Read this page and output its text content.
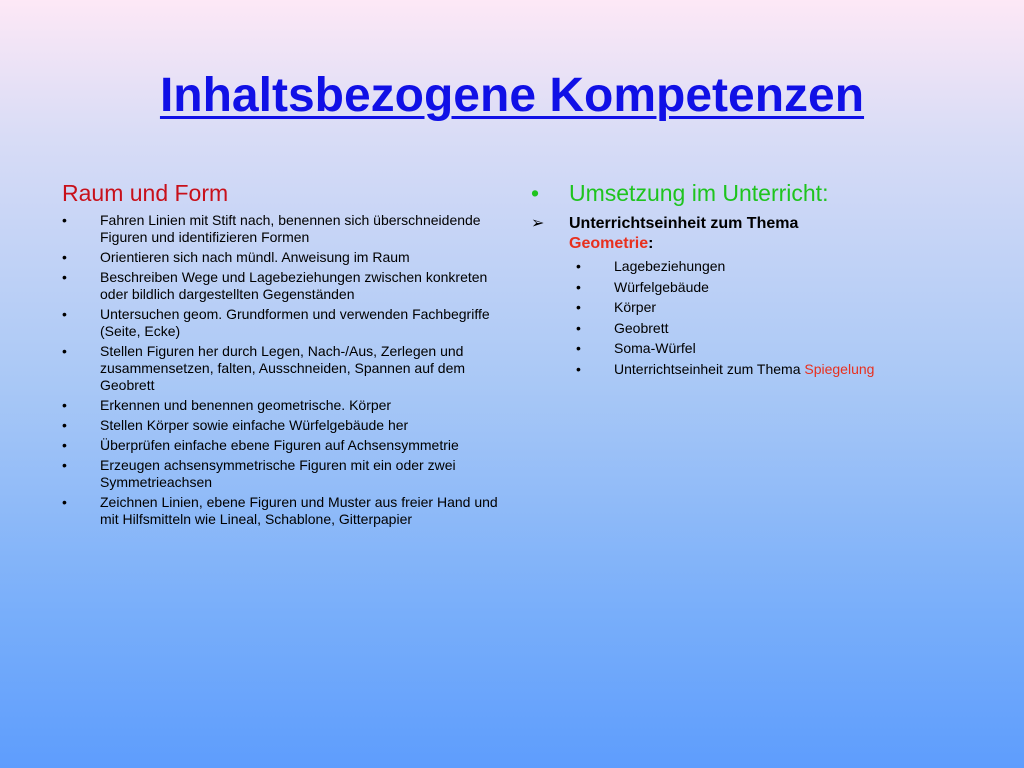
Inhaltsbezogene Kompetenzen
Raum und Form
• Fahren Linien mit Stift nach, benennen sich überschneidende Figuren und identifizieren Formen
• Orientieren sich nach mündl. Anweisung im Raum
• Beschreiben Wege und Lagebeziehungen zwischen konkreten oder bildlich dargestellten Gegenständen
• Untersuchen geom. Grundformen und verwenden Fachbegriffe (Seite, Ecke)
• Stellen Figuren her durch Legen, Nach-/Aus, Zerlegen und zusammensetzen, falten, Ausschneiden, Spannen auf dem Geobrett
• Erkennen und benennen geometrische. Körper
• Stellen Körper sowie einfache Würfelgebäude her
• Überprüfen einfache ebene Figuren auf Achsensymmetrie
• Erzeugen achsensymmetrische Figuren mit ein oder zwei Symmetrieachsen
• Zeichnen Linien, ebene Figuren und Muster aus freier Hand und mit Hilfsmitteln wie Lineal, Schablone, Gitterpapier
• Umsetzung im Unterricht:
➢ Unterrichtseinheit zum Thema
Geometrie:
• Lagebeziehungen
• Würfelgebäude
• Körper
• Geobrett
• Soma-Würfel
• Unterrichtseinheit zum Thema Spiegelung
